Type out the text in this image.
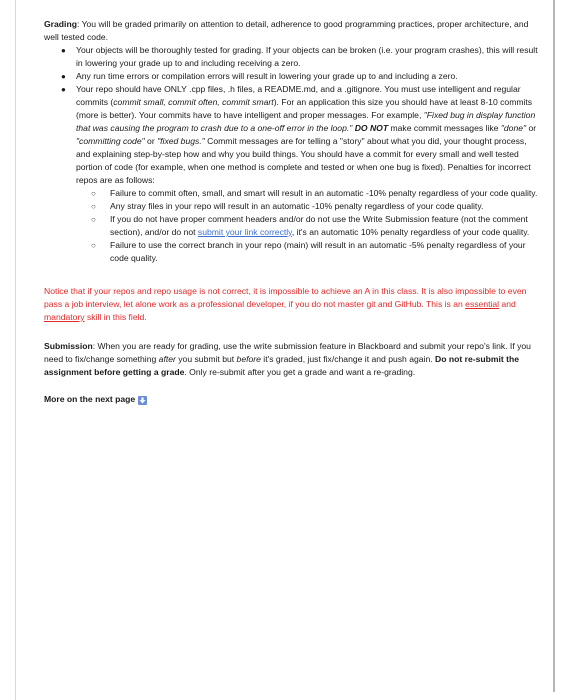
Grading: You will be graded primarily on attention to detail, adherence to good programming practices, proper architecture, and well tested code.

● Your objects will be thoroughly tested for grading. If your objects can be broken (i.e. your program crashes), this will result in lowering your grade up to and including receiving a zero.
● Any run time errors or compilation errors will result in lowering your grade up to and including a zero.
● Your repo should have ONLY .cpp files, .h files, a README.md, and a .gitignore. You must use intelligent and regular commits (commit small, commit often, commit smart). For an application this size you should have at least 8-10 commits (more is better). Your commits have to have intelligent and proper messages. For example, "Fixed bug in display function that was causing the program to crash due to a one-off error in the loop." DO NOT make commit messages like "done" or "committing code" or "fixed bugs." Commit messages are for telling a "story" about what you did, your thought process, and explaining step-by-step how and why you build things. You should have a commit for every small and well tested portion of code (for example, when one method is complete and tested or when one bug is fixed). Penalties for incorrect repos are as follows:
○ Failure to commit often, small, and smart will result in an automatic -10% penalty regardless of your code quality.
○ Any stray files in your repo will result in an automatic -10% penalty regardless of your code quality.
○ If you do not have proper comment headers and/or do not use the Write Submission feature (not the comment section), and/or do not submit your link correctly, it's an automatic 10% penalty regardless of your code quality.
○ Failure to use the correct branch in your repo (main) will result in an automatic -5% penalty regardless of your code quality.

Notice that if your repos and repo usage is not correct, it is impossible to achieve an A in this class. It is also impossible to even pass a job interview, let alone work as a professional developer, if you do not master git and GitHub. This is an essential and mandatory skill in this field.

Submission: When you are ready for grading, use the write submission feature in Blackboard and submit your repo's link. If you need to fix/change something after you submit but before it's graded, just fix/change it and push again. Do not re-submit the assignment before getting a grade. Only re-submit after you get a grade and want a re-grading.

More on the next page
